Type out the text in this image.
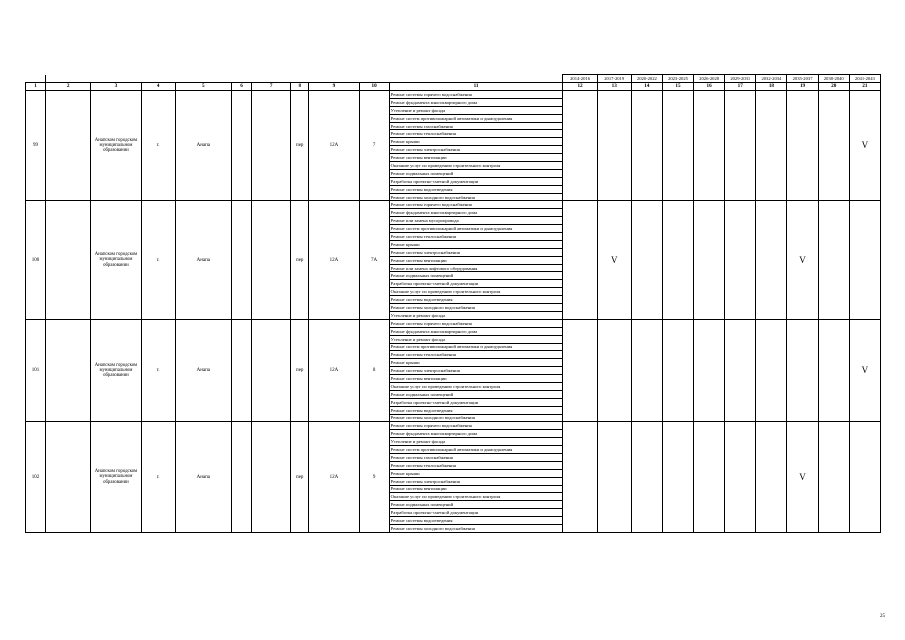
											2014-2016	2017-2019	2020-2022	2023-2025	2026-2028	2029-2031	2032-2034	2035-2037	2038-2040	2041-2043
1	2	3	4	5	6	7	8	9	10	11	12	13	14	15	16	17	18	19	20	21
99		Анапском городском муниципальном образовании	г.	Анапа			пер	12А	7	Ремонт системы горячего водоснабжения										V
										Ремонт фундамента многоквартирного дома										
										Утепление и ремонт фасада										
										Ремонт систем противопожарной автоматики и дымоудаления										
										Ремонт системы газоснабжения										
										Ремонт системы теплоснабжения										
										Ремонт крыши										
										Ремонт системы электроснабжения										
										Ремонт системы вентиляции										
										Оказание услуг по проведению строительного контроля										
										Ремонт подвальных помещений										
										Разработка проектно-сметной документации										
										Ремонт системы водоотведения										
										Ремонт системы холодного водоснабжения										
100		Анапском городском муниципальном образовании	г.	Анапа			пер	12А	7А	Ремонт системы горячего водоснабжения		V						V		
										Ремонт фундамента многоквартирного дома										
										Ремонт или замена мусоропровода										
										Ремонт систем противопожарной автоматики и дымоудаления										
										Ремонт системы теплоснабжения										
										Ремонт крыши										
										Ремонт системы электроснабжения										
										Ремонт системы вентиляции										
										Ремонт или замена лифтового оборудования										
										Ремонт подвальных помещений										
										Разработка проектно-сметной документации										
										Оказание услуг по проведению строительного контроля										
										Ремонт системы водоотведения										
										Ремонт системы холодного водоснабжения										
										Утепление и ремонт фасада										
101		Анапском городском муниципальном образовании	г.	Анапа			пер	12А	8	Ремонт системы горячего водоснабжения										V
										Ремонт фундамента многоквартирного дома										
										Утепление и ремонт фасада										
										Ремонт систем противопожарной автоматики и дымоудаления										
										Ремонт системы теплоснабжения										
										Ремонт крыши										
										Ремонт системы электроснабжения										
										Ремонт системы вентиляции										
										Оказание услуг по проведению строительного контроля										
										Ремонт подвальных помещений										
										Разработка проектно-сметной документации										
										Ремонт системы водоотведения										
										Ремонт системы холодного водоснабжения										
102		Анапском городском муниципальном образовании	г.	Анапа			пер	12А	9	Ремонт системы горячего водоснабжения								V		
										Ремонт фундамента многоквартирного дома										
										Утепление и ремонт фасада										
										Ремонт систем противопожарной автоматики и дымоудаления										
										Ремонт системы газоснабжения										
										Ремонт системы теплоснабжения										
										Ремонт крыши										
										Ремонт системы электроснабжения										
										Ремонт системы вентиляции										
										Оказание услуг по проведению строительного контроля										
										Ремонт подвальных помещений										
										Разработка проектно-сметной документации										
										Ремонт системы водоотведения										
										Ремонт системы холодного водоснабжения										
25
